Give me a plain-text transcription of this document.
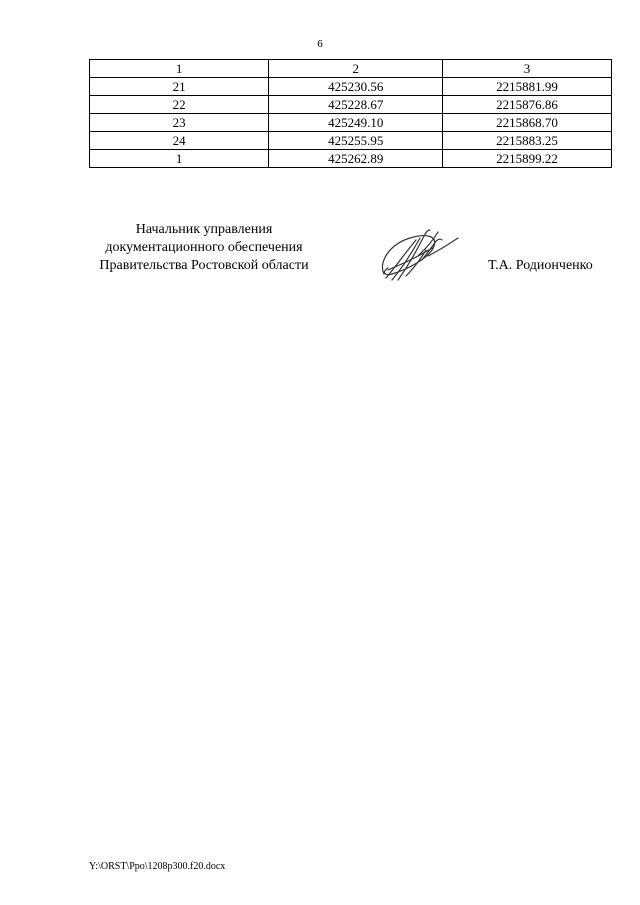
6
1	2	3
21	425230.56	2215881.99
22	425228.67	2215876.86
23	425249.10	2215868.70
24	425255.95	2215883.25
1	425262.89	2215899.22
Начальник управления
документационного обеспечения
Правительства Ростовской области	Т.А. Родионченко
Y:\ORST\Ppo\1208p300.f20.docx
